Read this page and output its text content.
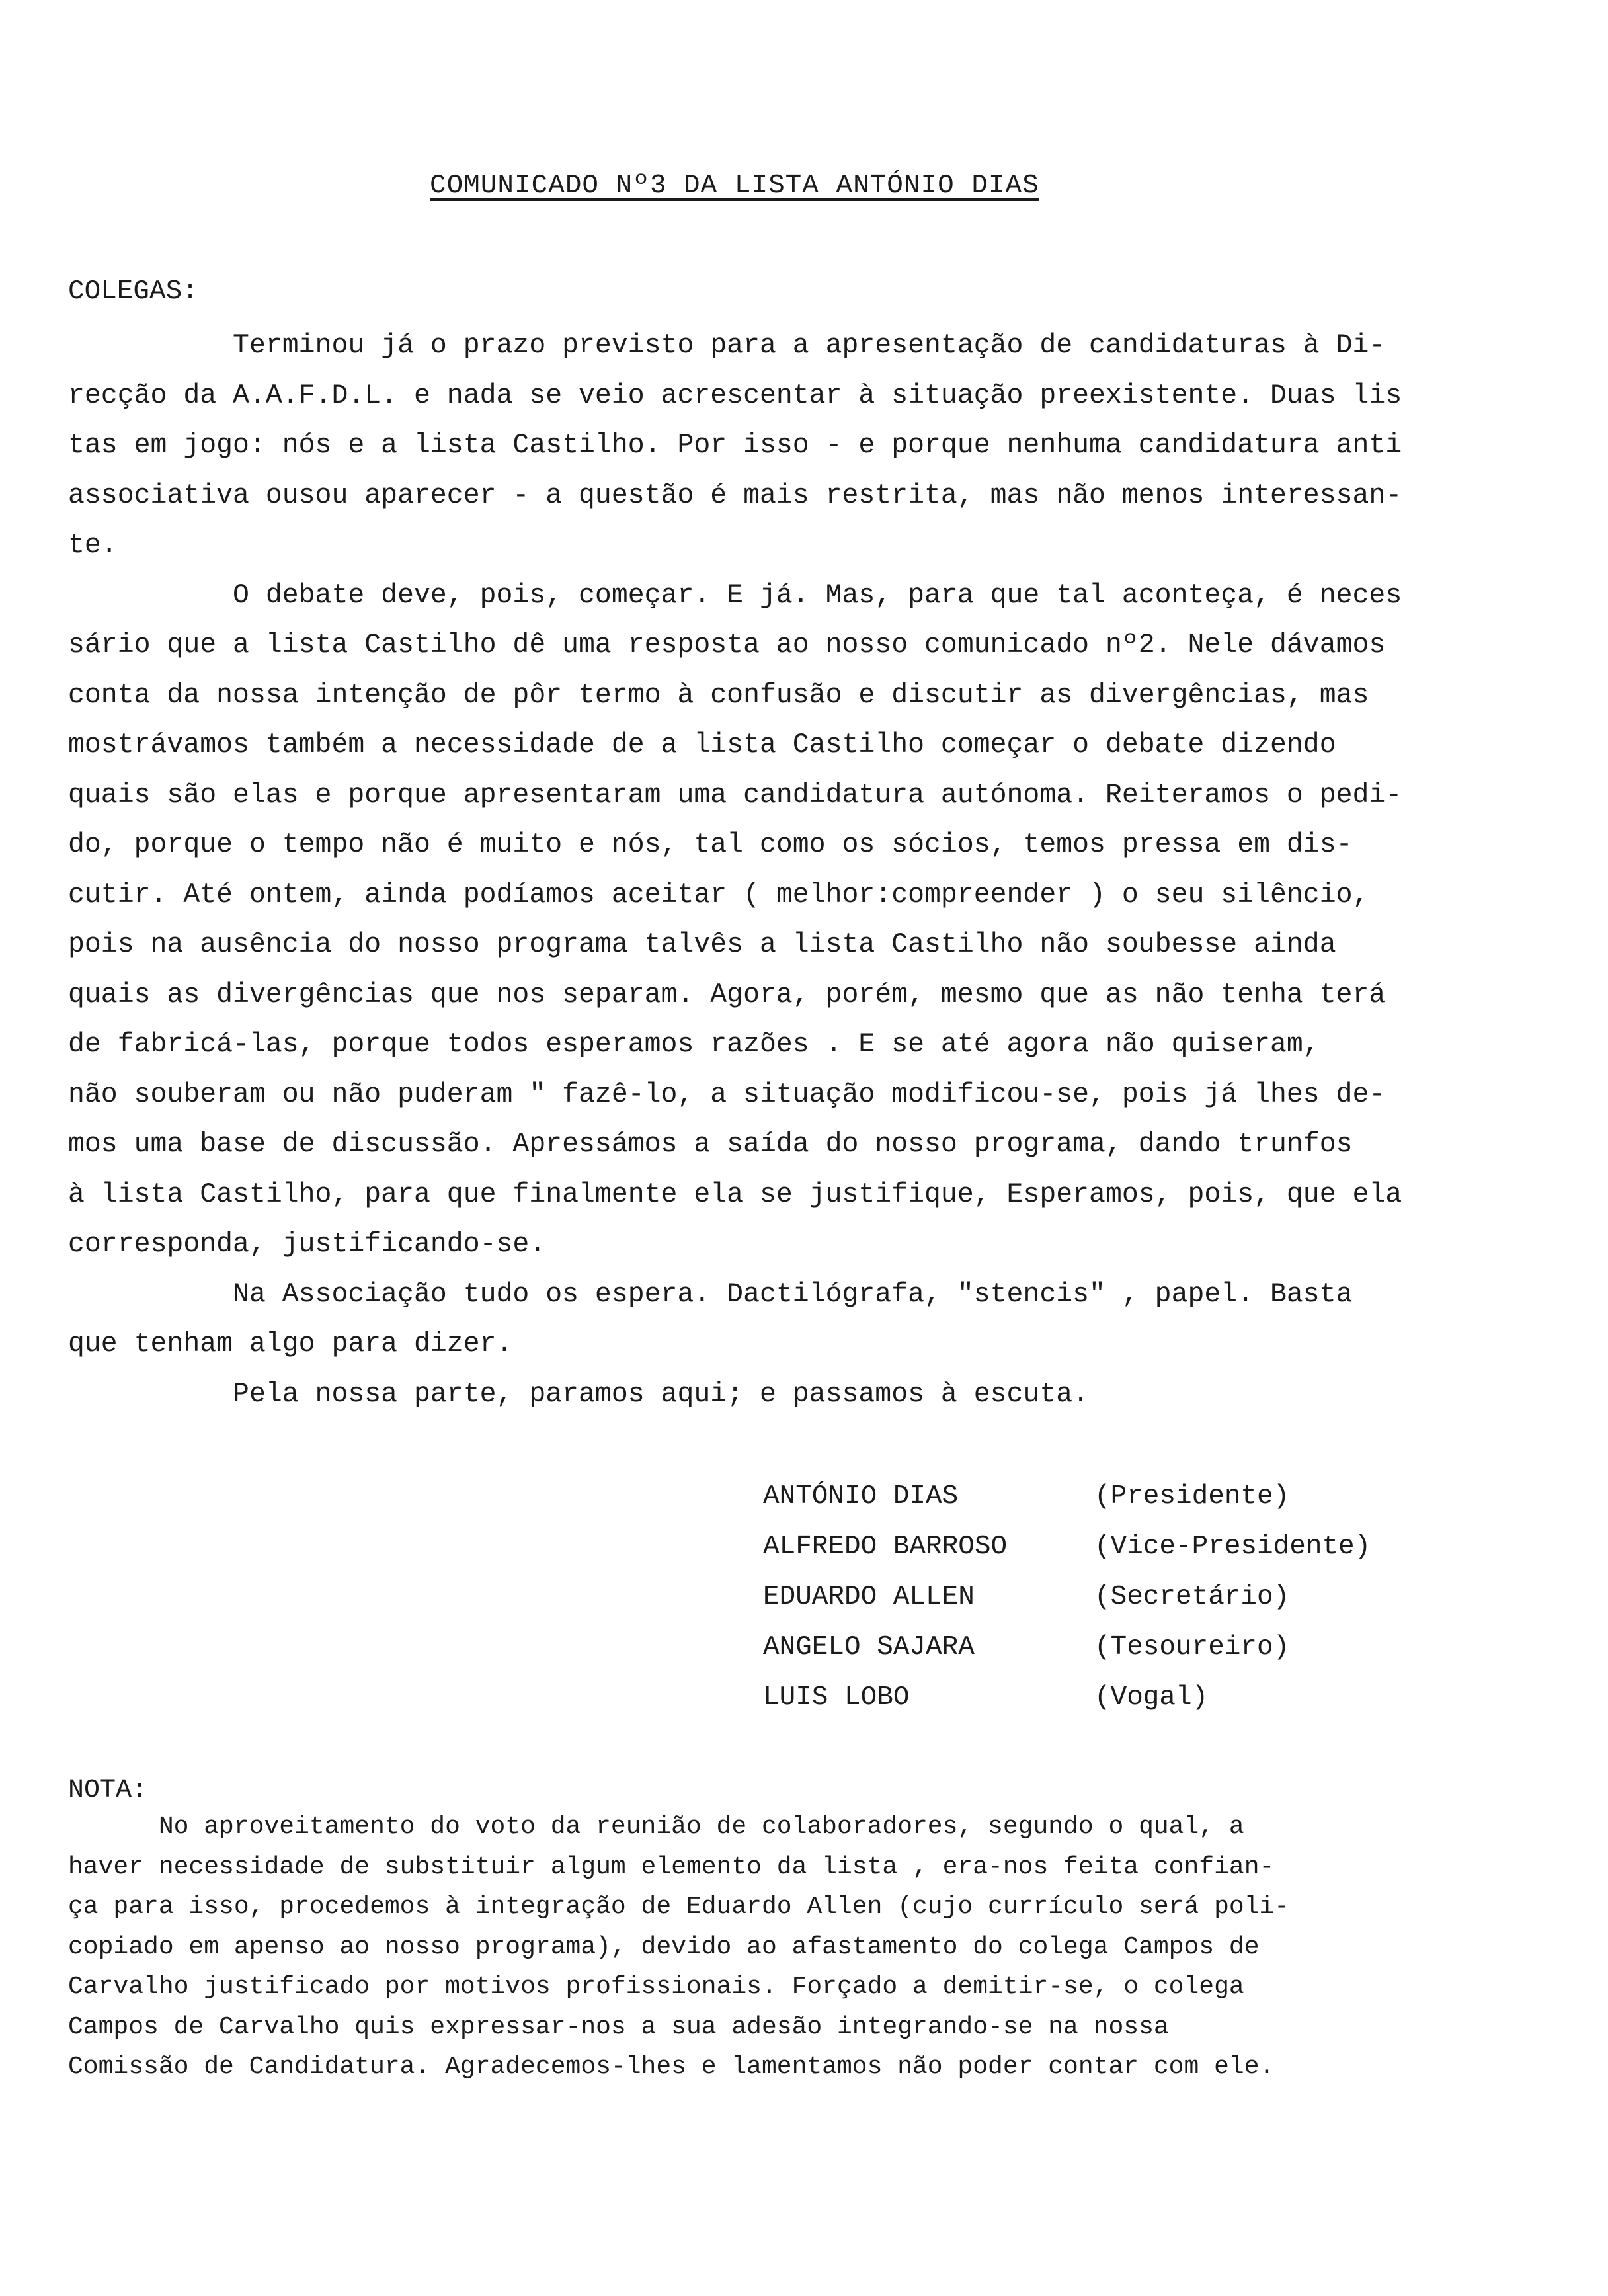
COMUNICADO Nº3 DA LISTA ANTÓNIO DIAS
COLEGAS:
Terminou já o prazo previsto para a apresentação de candidaturas à Di-
recção da A.A.F.D.L. e nada se veio acrescentar à situação preexistente. Duas lis
tas em jogo: nós e a lista Castilho. Por isso - e porque nenhuma candidatura anti
associativa ousou aparecer - a questão é mais restrita, mas não menos interessan-
te.
O debate deve, pois, começar. E já. Mas, para que tal aconteça, é neces
sário que a lista Castilho dê uma resposta ao nosso comunicado nº2. Nele dávamos
conta da nossa intenção de pôr termo à confusão e discutir as divergências, mas
mostrávamos também a necessidade de a lista Castilho começar o debate dizendo
quais são elas e porque apresentaram uma candidatura autónoma. Reiteramos o pedi-
do, porque o tempo não é muito e nós, tal como os sócios, temos pressa em dis-
cutir. Até ontem, ainda podíamos aceitar ( melhor:compreender ) o seu silêncio,
pois na ausência do nosso programa talvês a lista Castilho não soubesse ainda
quais as divergências que nos separam. Agora, porém, mesmo que as não tenha terá
de fabricá-las, porque todos esperamos razões . E se até agora não quiseram,
não souberam ou não puderam " fazê-lo, a situação modificou-se, pois já lhes de-
mos uma base de discussão. Apressámos a saída do nosso programa, dando trunfos
à lista Castilho, para que finalmente ela se justifique, Esperamos, pois, que ela
corresponda, justificando-se.
Na Associação tudo os espera. Dactilógrafa, "stencis" , papel. Basta
que tenham algo para dizer.
Pela nossa parte, paramos aqui; e passamos à escuta.
ANTÓNIO DIAS	(Presidente)
ALFREDO BARROSO	(Vice-Presidente)
EDUARDO ALLEN	(Secretário)
ANGELO SAJARA	(Tesoureiro)
LUIS LOBO	(Vogal)
NOTA:
No aproveitamento do voto da reunião de colaboradores, segundo o qual, a
haver necessidade de substituir algum elemento da lista , era-nos feita confian-
ça para isso, procedemos à integração de Eduardo Allen (cujo currículo será poli-
copiado em apenso ao nosso programa), devido ao afastamento do colega Campos de
Carvalho justificado por motivos profissionais. Forçado a demitir-se, o colega
Campos de Carvalho quis expressar-nos a sua adesão integrando-se na nossa
Comissão de Candidatura. Agradecemos-lhes e lamentamos não poder contar com ele.
